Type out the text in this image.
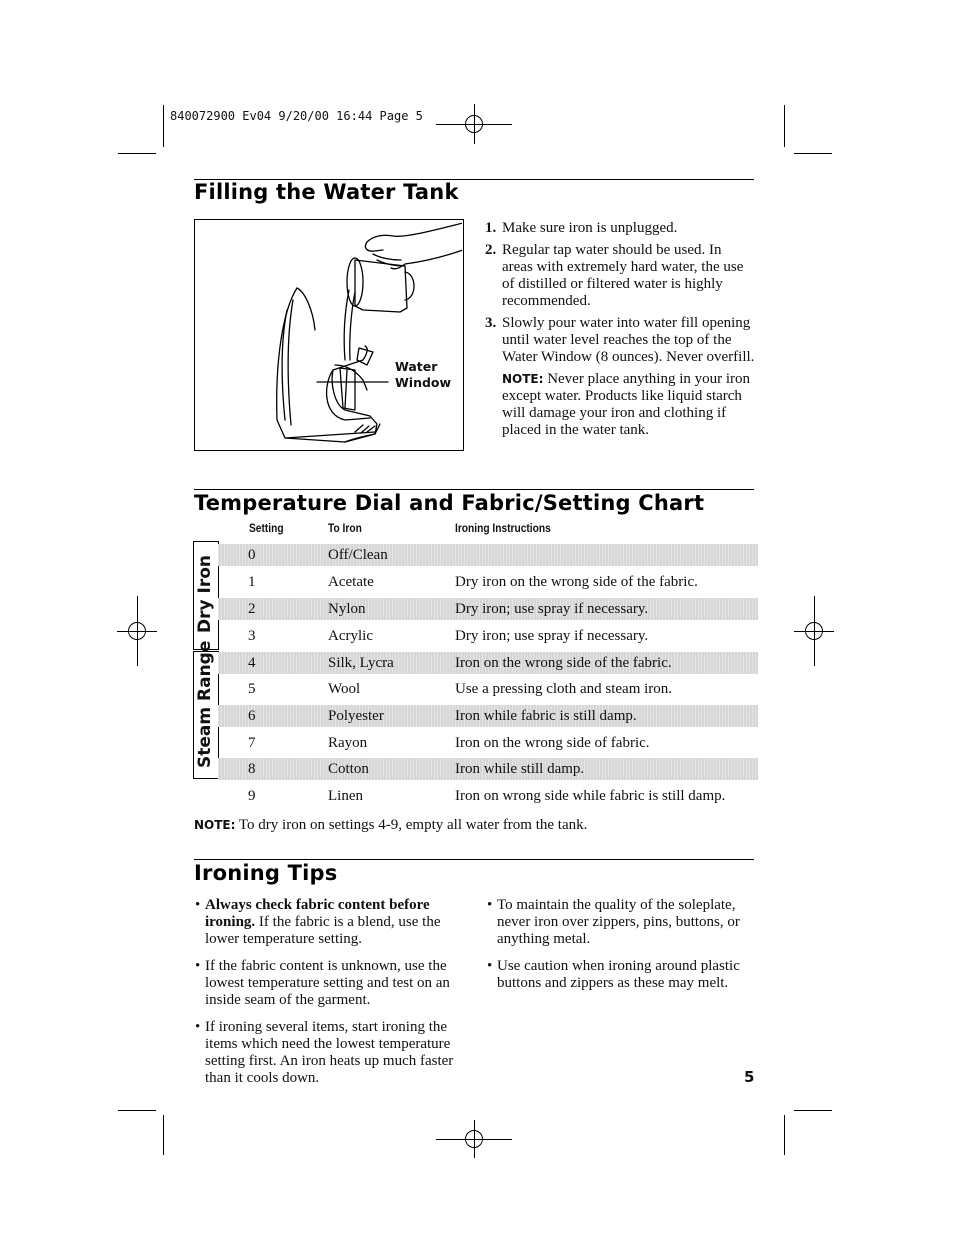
840072900 Ev04 9/20/00 16:44 Page 5
Filling the Water Tank
Water
Window
1. Make sure iron is unplugged.
2. Regular tap water should be used. In areas with extremely hard water, the use of distilled or filtered water is highly recommended.
3. Slowly pour water into water fill opening until water level reaches the top of the Water Window (8 ounces). Never overfill.
NOTE: Never place anything in your iron except water. Products like liquid starch will damage your iron and clothing if placed in the water tank.
Temperature Dial and Fabric/Setting Chart
Setting	To Iron	Ironing Instructions
Dry Iron
Steam Range
0	Off/Clean
1	Acetate	Dry iron on the wrong side of the fabric.
2	Nylon	Dry iron; use spray if necessary.
3	Acrylic	Dry iron; use spray if necessary.
4	Silk, Lycra	Iron on the wrong side of the fabric.
5	Wool	Use a pressing cloth and steam iron.
6	Polyester	Iron while fabric is still damp.
7	Rayon	Iron on the wrong side of fabric.
8	Cotton	Iron while still damp.
9	Linen	Iron on wrong side while fabric is still damp.
NOTE: To dry iron on settings 4-9, empty all water from the tank.
Ironing Tips
• Always check fabric content before ironing. If the fabric is a blend, use the lower temperature setting.
• If the fabric content is unknown, use the lowest temperature setting and test on an inside seam of the garment.
• If ironing several items, start ironing the items which need the lowest temperature setting first. An iron heats up much faster than it cools down.
• To maintain the quality of the soleplate, never iron over zippers, pins, buttons, or anything metal.
• Use caution when ironing around plastic buttons and zippers as these may melt.
5
